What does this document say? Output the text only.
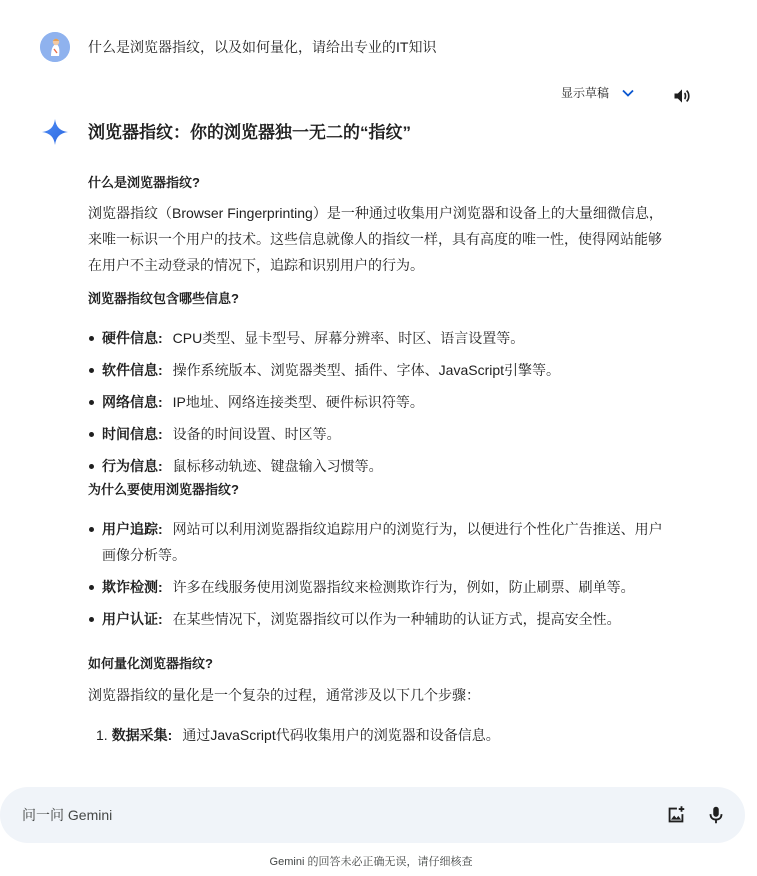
什么是浏览器指纹，以及如何量化，请给出专业的IT知识
显示草稿
浏览器指纹：你的浏览器独一无二的“指纹”
什么是浏览器指纹?
浏览器指纹（Browser Fingerprinting）是一种通过收集用户浏览器和设备上的大量细微信息，来唯一标识一个用户的技术。这些信息就像人的指纹一样，具有高度的唯一性，使得网站能够在用户不主动登录的情况下，追踪和识别用户的行为。
浏览器指纹包含哪些信息?
硬件信息: CPU类型、显卡型号、屏幕分辨率、时区、语言设置等。
软件信息: 操作系统版本、浏览器类型、插件、字体、JavaScript引擎等。
网络信息: IP地址、网络连接类型、硬件标识符等。
时间信息: 设备的时间设置、时区等。
行为信息: 鼠标移动轨迹、键盘输入习惯等。
为什么要使用浏览器指纹?
用户追踪: 网站可以利用浏览器指纹追踪用户的浏览行为，以便进行个性化广告推送、用户画像分析等。
欺诈检测: 许多在线服务使用浏览器指纹来检测欺诈行为，例如，防止刷票、刷单等。
用户认证: 在某些情况下，浏览器指纹可以作为一种辅助的认证方式，提高安全性。
如何量化浏览器指纹?
浏览器指纹的量化是一个复杂的过程，通常涉及以下几个步骤：
1. 数据采集: 通过JavaScript代码收集用户的浏览器和设备信息。
问一问 Gemini
Gemini 的回答未必正确无误，请仔细核查
